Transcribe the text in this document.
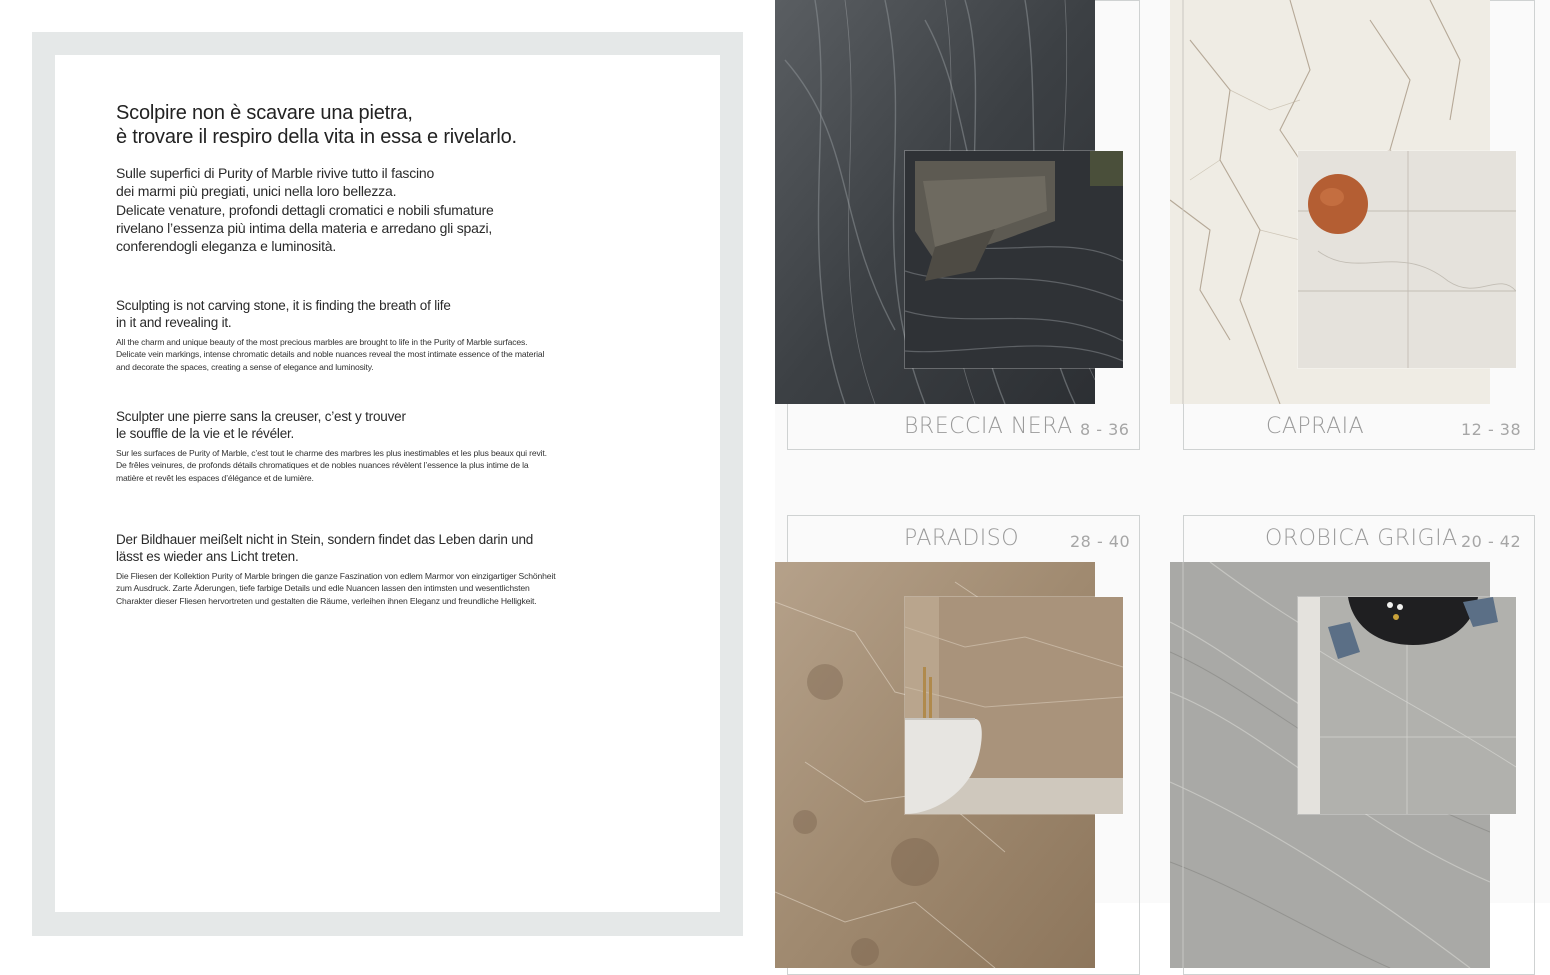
Scolpire non è scavare una pietra,
è trovare il respiro della vita in essa e rivelarlo.

Sulle superfici di Purity of Marble rivive tutto il fascino
dei marmi più pregiati, unici nella loro bellezza.
Delicate venature, profondi dettagli cromatici e nobili sfumature
rivelano l’essenza più intima della materia e arredano gli spazi,
conferendogli eleganza e luminosità.

Sculpting is not carving stone, it is finding the breath of life
in it and revealing it.

All the charm and unique beauty of the most precious marbles are brought to life in the Purity of Marble surfaces. Delicate vein markings, intense chromatic details and noble nuances reveal the most intimate essence of the material and decorate the spaces, creating a sense of elegance and luminosity.

Sculpter une pierre sans la creuser, c’est y trouver
le souffle de la vie et le révéler.

Sur les surfaces de Purity of Marble, c’est tout le charme des marbres les plus inestimables et les plus beaux qui revit. De frêles veinures, de profonds détails chromatiques et de nobles nuances révèlent l’essence la plus intime de la matière et revêt les espaces d’élégance et de lumière.

Der Bildhauer meißelt nicht in Stein, sondern findet das Leben darin und
lässt es wieder ans Licht treten.

Die Fliesen der Kollektion Purity of Marble bringen die ganze Faszination von edlem Marmor von einzigartiger Schönheit zum Ausdruck. Zarte Äderungen, tiefe farbige Details und edle Nuancen lassen den intimsten und wesentlichsten Charakter dieser Fliesen hervortreten und gestalten die Räume, verleihen ihnen Eleganz und freundliche Helligkeit.

BRECCIA NERA 8 - 36	CAPRAIA	12 - 38
PARADISO	28 - 40	OROBICA GRIGIA 20 - 42
